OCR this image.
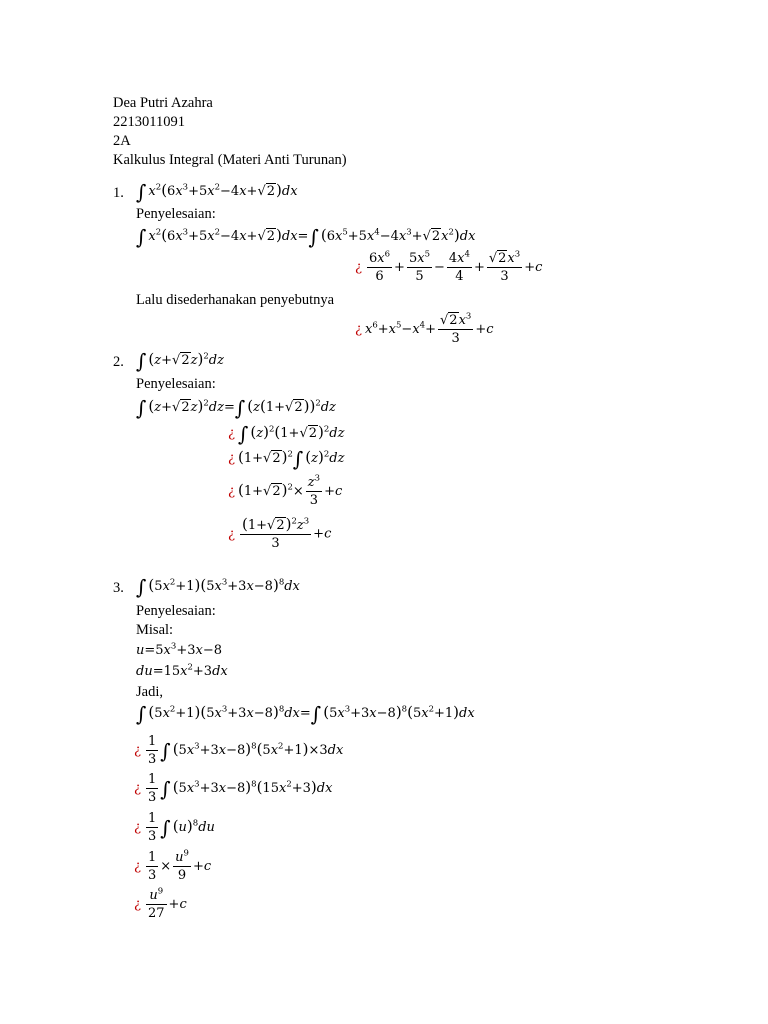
Dea Putri Azahra
2213011091
2A
Kalkulus Integral (Materi Anti Turunan)
1. ∫ $x^2(6x^3+5x^2-4x+√2)dx$
Penyelesaian:
∫ $x^2(6x^3+5x^2-4x+√2)dx=\int$ $(6x^5+5x^4-4x^3+√2x^2)dx$
¿ $\frac{6x^6}{6} + \frac{5x^5}{5} - \frac{4x^4}{4} + \frac{√2x^3}{3} +c$
Lalu disederhanakan penyebutnya
¿ $x^6+x^5-x^4+ \frac{√2x^3}{3} +c$
2. ∫ $(z+√2z)^2dz$
Penyelesaian:
∫ $(z+√2z)^2dz=\int$ $(z(1+√2))^2dz$
¿ ∫ $(z)^2(1+√2)^2dz$
¿ $(1+√2)^2\int$ $(z)^2dz$
¿ $(1+√2)^2\times \frac{z^3}{3} +c$
¿ $\frac{(1+√2)^2z^3}{3} +c$
3. ∫ $(5x^2+1)(5x^3+3x-8)^8dx$
Penyelesaian:
Misal:
$u=5x^3+3x-8$
$du=15x^2+3dx$
Jadi,
∫ $(5x^2+1)(5x^3+3x-8)^8dx=\int$ $(5x^3+3x-8)^8(5x^2+1)dx$
¿ $\frac{1}{3}$ ∫ $(5x^3+3x-8)^8(5x^2+1)\times 3dx$
¿ $\frac{1}{3}$ ∫ $(5x^3+3x-8)^8(15x^2+3)dx$
¿ $\frac{1}{3}$ ∫ $(u)^8du$
¿ $\frac{1}{3} \times \frac{u^9}{9} +c$
¿ $\frac{u^9}{27} +c$
